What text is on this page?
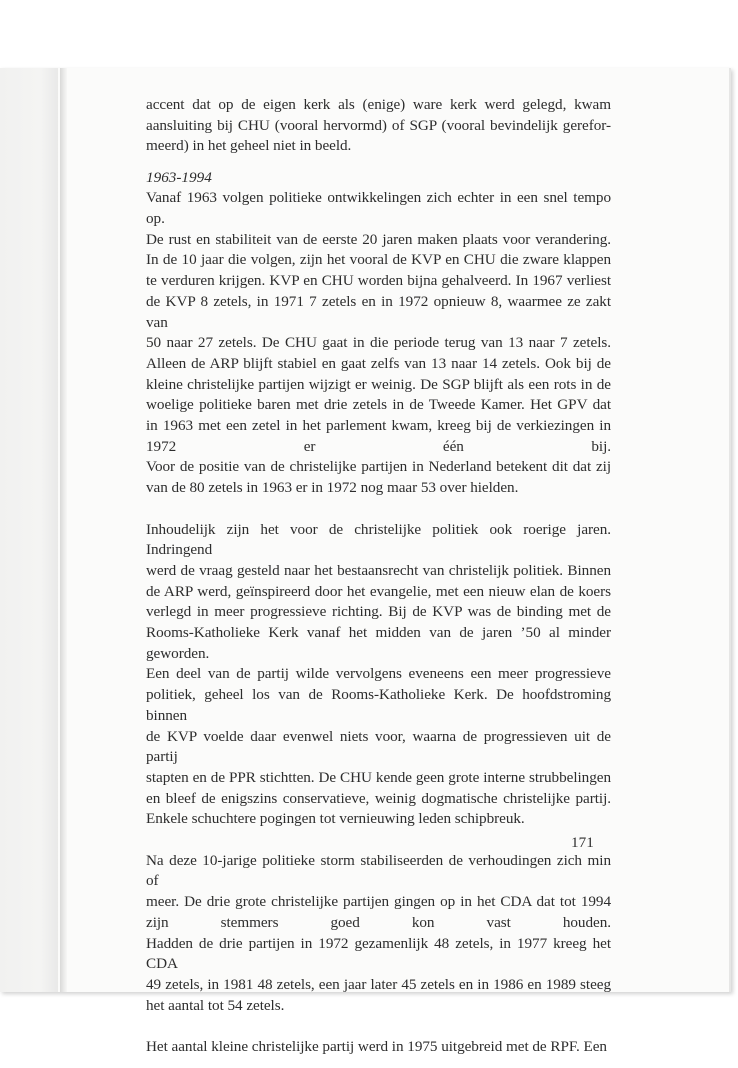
accent dat op de eigen kerk als (enige) ware kerk werd gelegd, kwam

aansluiting bij CHU (vooral hervormd) of SGP (vooral bevindelijk gerefor-

meerd) in het geheel niet in beeld.

1963-1994

Vanaf 1963 volgen politieke ontwikkelingen zich echter in een snel tempo op.

De rust en stabiliteit van de eerste 20 jaren maken plaats voor verandering.

In de 10 jaar die volgen, zijn het vooral de KVP en CHU die zware klappen

te verduren krijgen. KVP en CHU worden bijna gehalveerd. In 1967 verliest

de KVP 8 zetels, in 1971 7 zetels en in 1972 opnieuw 8, waarmee ze zakt van

50 naar 27 zetels. De CHU gaat in die periode terug van 13 naar 7 zetels.

Alleen de ARP blijft stabiel en gaat zelfs van 13 naar 14 zetels. Ook bij de

kleine christelijke partijen wijzigt er weinig. De SGP blijft als een rots in de

woelige politieke baren met drie zetels in de Tweede Kamer. Het GPV dat

in 1963 met een zetel in het parlement kwam, kreeg bij de verkiezingen in

1972 er één bij.

Voor de positie van de christelijke partijen in Nederland betekent dit dat zij

van de 80 zetels in 1963 er in 1972 nog maar 53 over hielden.

Inhoudelijk zijn het voor de christelijke politiek ook roerige jaren. Indringend

werd de vraag gesteld naar het bestaansrecht van christelijk politiek. Binnen

de ARP werd, geïnspireerd door het evangelie, met een nieuw elan de koers

verlegd in meer progressieve richting. Bij de KVP was de binding met de

Rooms-Katholieke Kerk vanaf het midden van de jaren ’50 al minder geworden.

Een deel van de partij wilde vervolgens eveneens een meer progressieve

politiek, geheel los van de Rooms-Katholieke Kerk. De hoofdstroming binnen

de KVP voelde daar evenwel niets voor, waarna de progressieven uit de partij

stapten en de PPR stichtten. De CHU kende geen grote interne strubbelingen

en bleef de enigszins conservatieve, weinig dogmatische christelijke partij.

Enkele schuchtere pogingen tot vernieuwing leden schipbreuk.

Na deze 10-jarige politieke storm stabiliseerden de verhoudingen zich min of

meer. De drie grote christelijke partijen gingen op in het CDA dat tot 1994

zijn stemmers goed kon vast houden.

Hadden de drie partijen in 1972 gezamenlijk 48 zetels, in 1977 kreeg het CDA

49 zetels, in 1981 48 zetels, een jaar later 45 zetels en in 1986 en 1989 steeg

het aantal tot 54 zetels.

Het aantal kleine christelijke partij werd in 1975 uitgebreid met de RPF. Een

171
